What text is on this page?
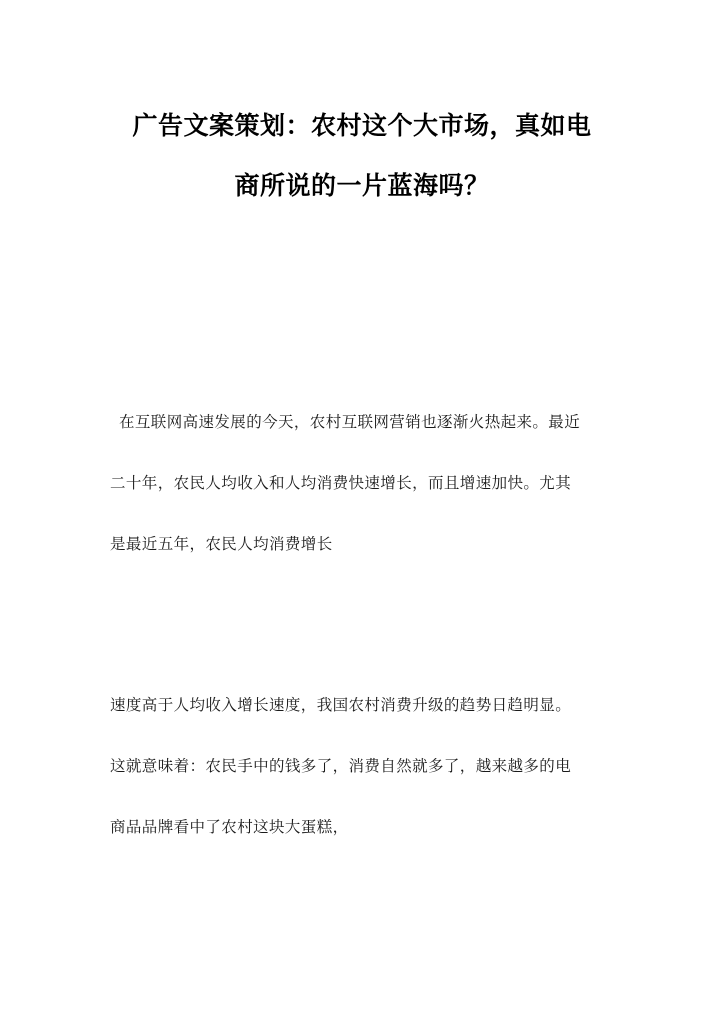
广告文案策划：农村这个大市场，真如电
商所说的一片蓝海吗？

在互联网高速发展的今天，农村互联网营销也逐渐火热起来。最近
二十年，农民人均收入和人均消费快速增长，而且增速加快。尤其
是最近五年，农民人均消费增长

速度高于人均收入增长速度，我国农村消费升级的趋势日趋明显。
这就意味着：农民手中的钱多了，消费自然就多了，越来越多的电
商品品牌看中了农村这块大蛋糕，
